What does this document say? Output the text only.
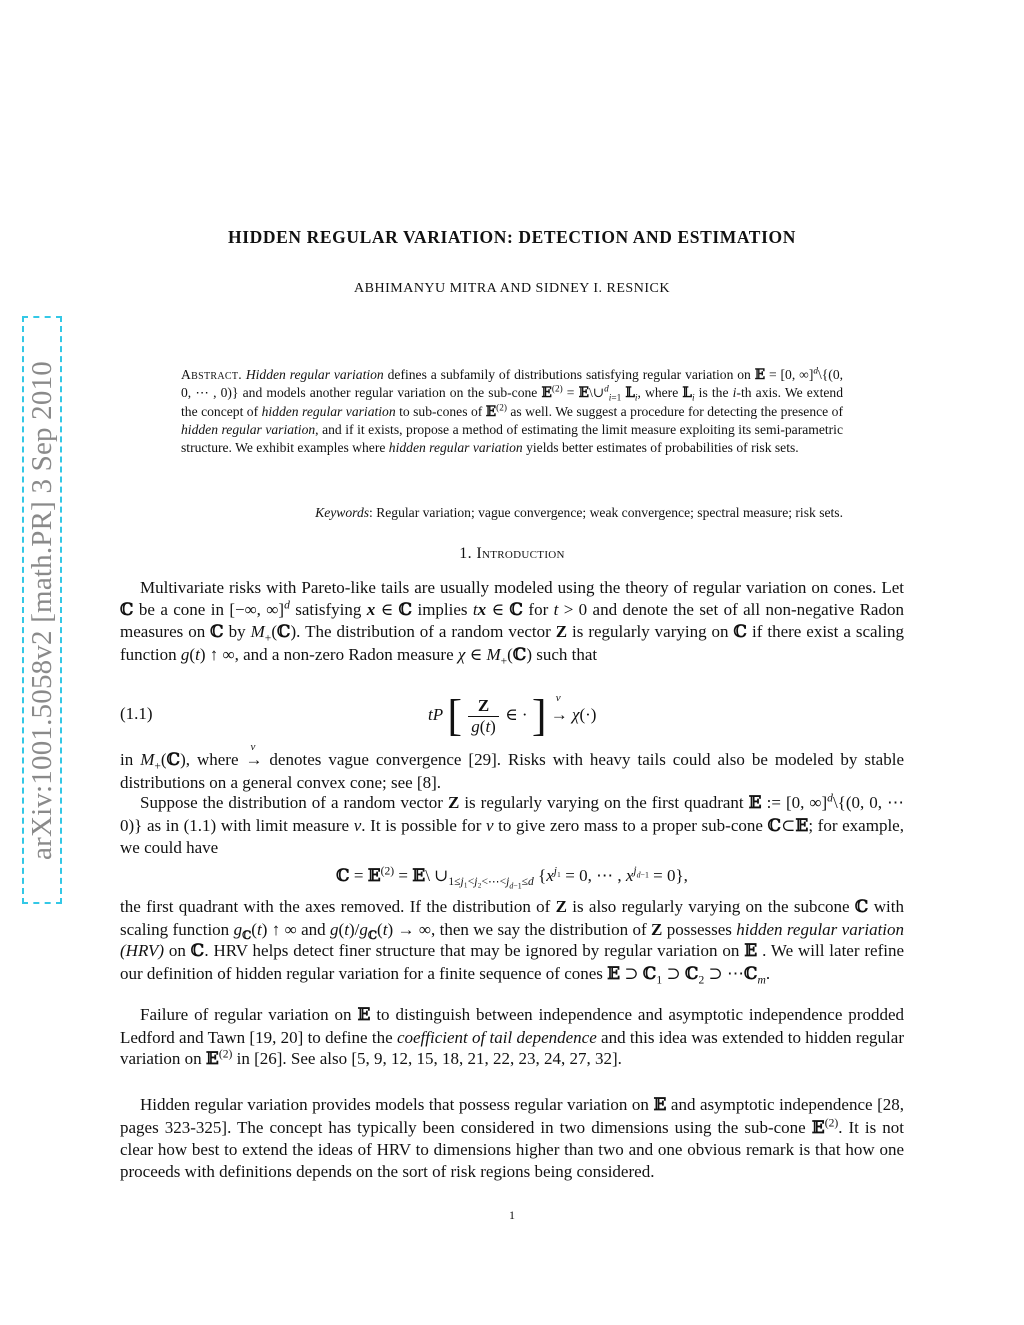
arXiv:1001.5058v2 [math.PR] 3 Sep 2010
HIDDEN REGULAR VARIATION: DETECTION AND ESTIMATION
ABHIMANYU MITRA AND SIDNEY I. RESNICK
Abstract. Hidden regular variation defines a subfamily of distributions satisfying regular variation on 𝔼 = [0, ∞]$^d$\{(0, 0, ⋯ , 0)} and models another regular variation on the sub-cone 𝔼$^{(2)}$ = 𝔼\∪$^d_{i=1}$ 𝕃$_i$, where 𝕃$_i$ is the i-th axis. We extend the concept of hidden regular variation to sub-cones of 𝔼$^{(2)}$ as well. We suggest a procedure for detecting the presence of hidden regular variation, and if it exists, propose a method of estimating the limit measure exploiting its semi-parametric structure. We exhibit examples where hidden regular variation yields better estimates of probabilities of risk sets.
Keywords: Regular variation; vague convergence; weak convergence; spectral measure; risk sets.
1. Introduction
Multivariate risks with Pareto-like tails are usually modeled using the theory of regular variation on cones. Let ℂ be a cone in [−∞, ∞]$^d$ satisfying x ∈ ℂ implies tx ∈ ℂ for t > 0 and denote the set of all non-negative Radon measures on ℂ by $M_+(ℂ)$. The distribution of a random vector Z is regularly varying on ℂ if there exist a scaling function g(t) ↑ ∞, and a non-zero Radon measure χ ∈ $M_+(ℂ)$ such that
(1.1)	tP [ $\frac{Z}{g(t)}$ ∈ · ] →
v
χ(·)
in $M_+(ℂ)$, where →
v
denotes vague convergence [29]. Risks with heavy tails could also be modeled by stable distributions on a general convex cone; see [8].
Suppose the distribution of a random vector Z is regularly varying on the first quadrant 𝔼 := [0, ∞]$^d$\{(0, 0, ⋯ 0)} as in (1.1) with limit measure ν. It is possible for ν to give zero mass to a proper sub-cone ℂ⊂𝔼; for example, we could have
ℂ = 𝔼$^{(2)}$ = 𝔼\ $\cup_{1\le j_1<j_2<\cdots<j_{d-1}\le d}$ {$x^{j_1} = 0$, ⋯ , $x^{j_{d-1}} = 0$},
the first quadrant with the axes removed. If the distribution of Z is also regularly varying on the subcone ℂ with scaling function $g_ℂ(t)$ ↑ ∞ and $g(t)/g_ℂ(t)$ → ∞, then we say the distribution of Z possesses hidden regular variation (HRV) on ℂ. HRV helps detect finer structure that may be ignored by regular variation on 𝔼 . We will later refine our definition of hidden regular variation for a finite sequence of cones 𝔼 ⊃ ℂ$_1$ ⊃ ℂ$_2$ ⊃ ⋯ℂ$_m$.
Failure of regular variation on 𝔼 to distinguish between independence and asymptotic independence prodded Ledford and Tawn [19, 20] to define the coefficient of tail dependence and this idea was extended to hidden regular variation on 𝔼$^{(2)}$ in [26]. See also [5, 9, 12, 15, 18, 21, 22, 23, 24, 27, 32].
Hidden regular variation provides models that possess regular variation on 𝔼 and asymptotic independence [28, pages 323-325]. The concept has typically been considered in two dimensions using the sub-cone 𝔼$^{(2)}$. It is not clear how best to extend the ideas of HRV to dimensions higher than two and one obvious remark is that how one proceeds with definitions depends on the sort of risk regions being considered.
1
